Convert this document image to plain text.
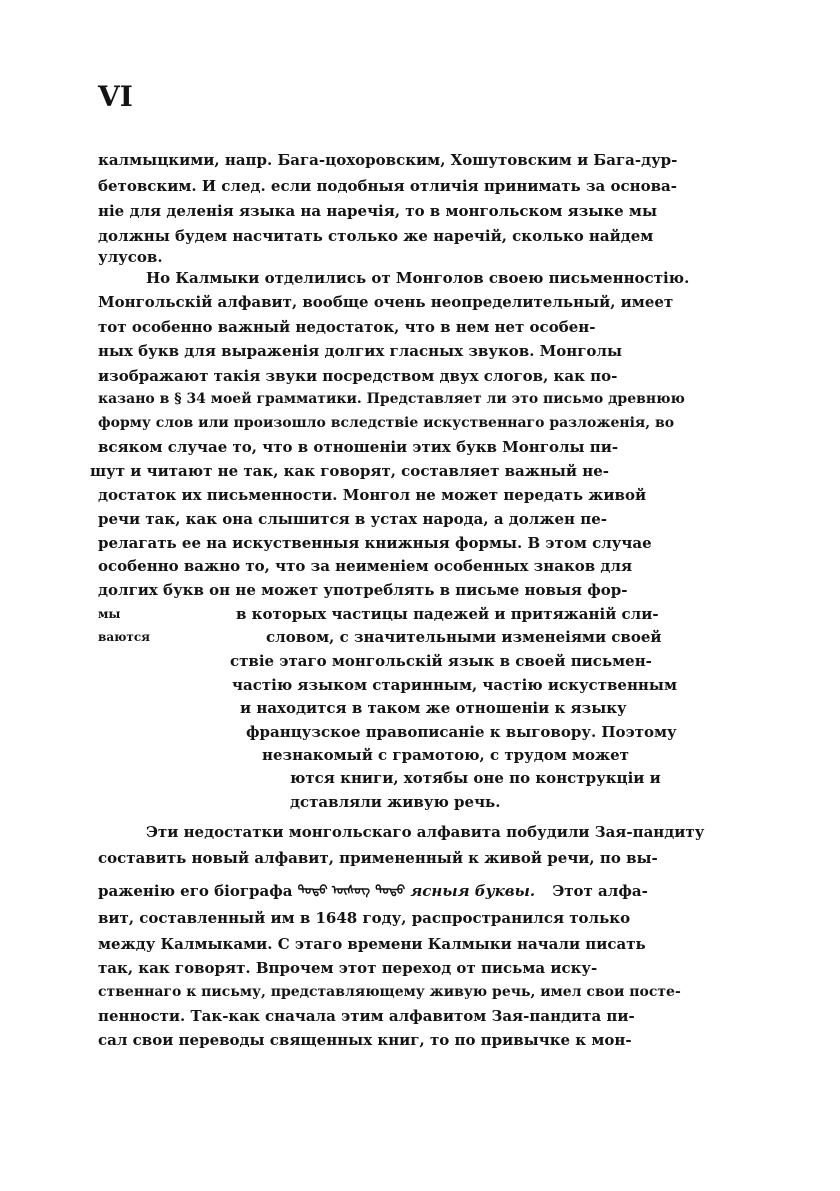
VI
калмыцкими, напр. Бага-цохоровским, Хошутовским и Бага-дур-
бетовским. И след. если подобныя отличія принимать за основа-
ніе для деленія языка на наречія, то в монгольском языке мы
должны будем насчитать столько же наречій, сколько найдем
улусов.
Но Калмыки отделились от Монголов своею письменностію.
Монгольскій алфавит, вообще очень неопределительный, имеет
тот особенно важный недостаток, что в нем нет особен-
ных букв для выраженія долгих гласных звуков. Монголы
изображают такія звуки посредством двух слогов, как по-
казано в § 34 моей грамматики. Представляет ли это письмо древнюю
форму слов или произошло вследствіе искуственнаго разложенія, во
всяком случае то, что в отношеніи этих букв Монголы пи-
шут и читают не так, как говорят, составляет важный не-
достаток их письменности. Монгол не может передать живой
речи так, как она слышится в устах народа, а должен пе-
релагать ее на искуственныя книжныя формы. В этом случае
особенно важно то, что за неименіем особенных знаков для
долгих букв он не может употреблять в письме новыя фор-
мы	в которых частицы падежей и притяжаній сли-
ваются	словом, с значительными изменеіями своей
ствіе этаго монгольскій язык в своей письмен-
частію языком старинным, частію искуственным
и находится в таком же отношеніи к языку
французское правописаніе к выговору. Поэтому
незнакомый с грамотою, с трудом может
ются книги, хотябы оне по конструкціи и
дставляли живую речь.
Эти недостатки монгольскаго алфавита побудили Зая-пандиту
составить новый алфавит, примененный к живой речи, по вы-
раженію его біографа ᠲᠣᠳᠣ ᠦᠰᠦᠭ ᠲᠣᠳᠣ ясныя буквы. Этот алфа-
вит, составленный им в 1648 году, распространился только
между Калмыками. С этаго времени Калмыки начали писать
так, как говорят. Впрочем этот переход от письма иску-
ственнаго к письму, представляющему живую речь, имел свои посте-
пенности. Так-как сначала этим алфавитом Зая-пандита пи-
сал свои переводы священных книг, то по привычке к мон-
